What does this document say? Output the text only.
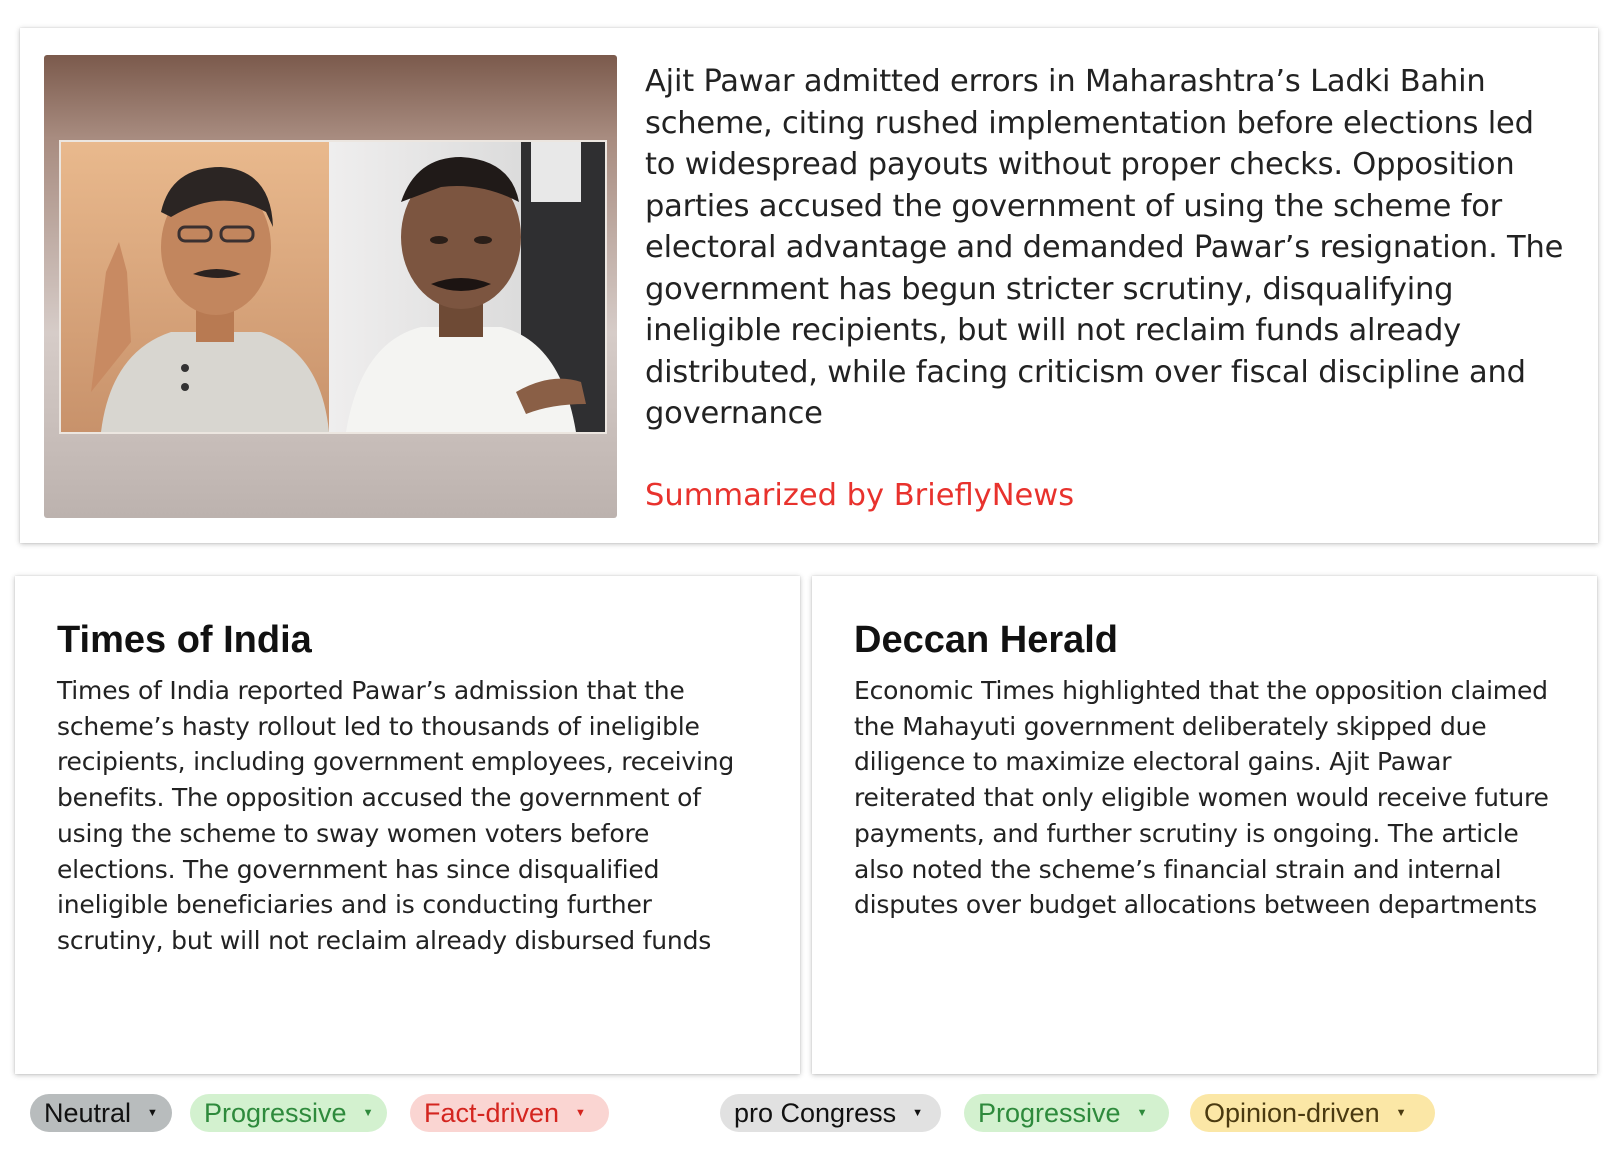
Ajit Pawar admitted errors in Maharashtra’s Ladki Bahin scheme, citing rushed implementation before elections led to widespread payouts without proper checks. Opposition parties accused the government of using the scheme for electoral advantage and demanded Pawar’s resignation. The government has begun stricter scrutiny, disqualifying ineligible recipients, but will not reclaim funds already distributed, while facing criticism over fiscal discipline and governance
Summarized by BrieflyNews
Times of India
Times of India reported Pawar’s admission that the scheme’s hasty rollout led to thousands of ineligible recipients, including government employees, receiving benefits. The opposition accused the government of using the scheme to sway women voters before elections. The government has since disqualified ineligible beneficiaries and is conducting further scrutiny, but will not reclaim already disbursed funds
Deccan Herald
Economic Times highlighted that the opposition claimed the Mahayuti government deliberately skipped due diligence to maximize electoral gains. Ajit Pawar reiterated that only eligible women would receive future payments, and further scrutiny is ongoing. The article also noted the scheme’s financial strain and internal disputes over budget allocations between departments
Neutral ▼ Progressive ▼ Fact-driven ▼	pro Congress ▼ Progressive ▼ Opinion-driven ▼
